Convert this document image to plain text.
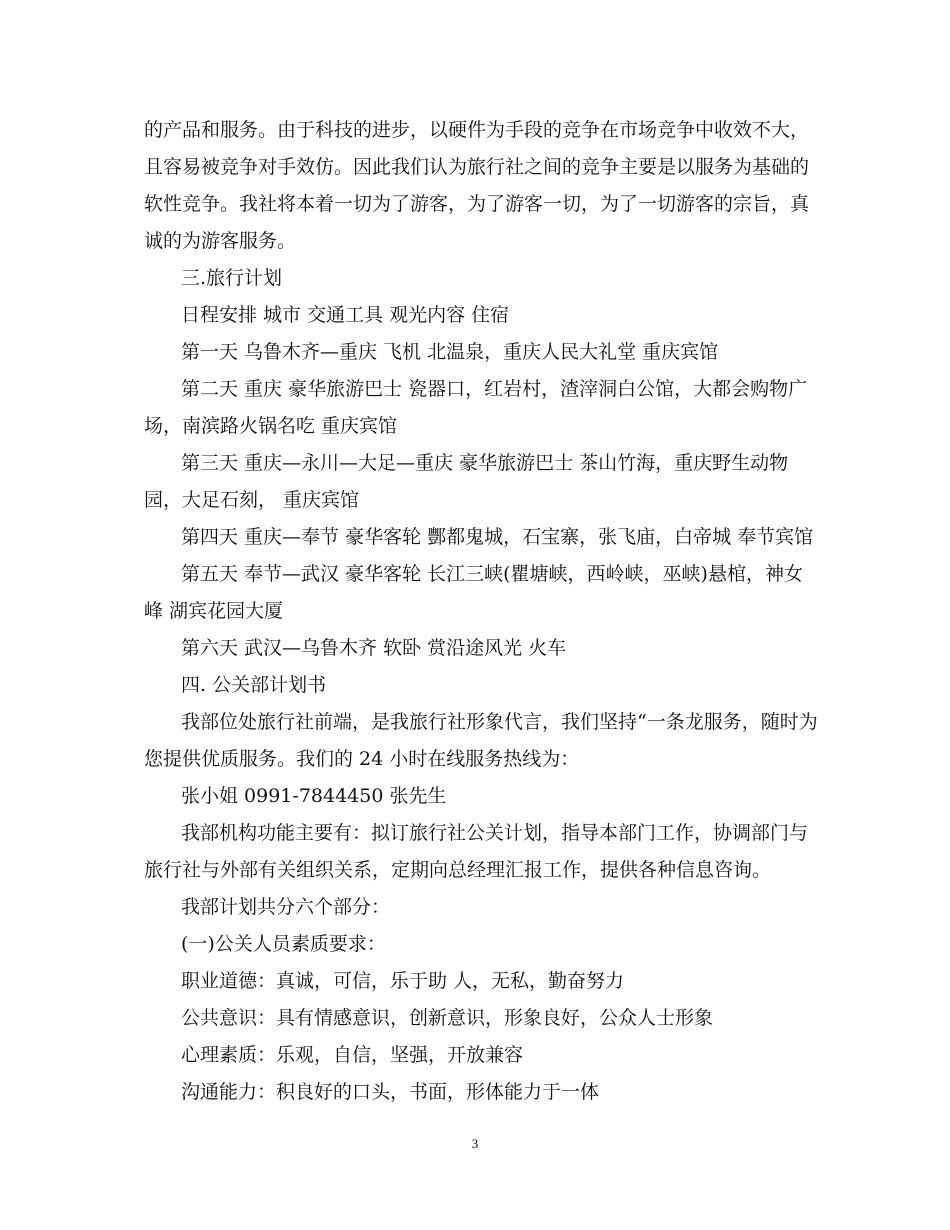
的产品和服务。由于科技的进步，以硬件为手段的竞争在市场竞争中收效不大，
且容易被竞争对手效仿。因此我们认为旅行社之间的竞争主要是以服务为基础的
软性竞争。我社将本着一切为了游客，为了游客一切，为了一切游客的宗旨，真
诚的为游客服务。
三.旅行计划
日程安排 城市 交通工具 观光内容 住宿
第一天 乌鲁木齐—重庆 飞机 北温泉，重庆人民大礼堂 重庆宾馆
第二天 重庆 豪华旅游巴士 瓷器口，红岩村，渣滓洞白公馆，大都会购物广
场，南滨路火锅名吃 重庆宾馆
第三天 重庆—永川—大足—重庆 豪华旅游巴士 茶山竹海，重庆野生动物
园，大足石刻， 重庆宾馆
第四天 重庆—奉节 豪华客轮 酆都鬼城，石宝寨，张飞庙，白帝城 奉节宾馆
第五天 奉节—武汉 豪华客轮 长江三峡(瞿塘峡，西岭峡，巫峡)悬棺，神女
峰 湖宾花园大厦
第六天 武汉—乌鲁木齐 软卧 赏沿途风光 火车
四. 公关部计划书
我部位处旅行社前端，是我旅行社形象代言，我们坚持“一条龙服务，随时为
您提供优质服务。我们的 24 小时在线服务热线为：
张小姐 0991-7844450 张先生
我部机构功能主要有：拟订旅行社公关计划，指导本部门工作，协调部门与
旅行社与外部有关组织关系，定期向总经理汇报工作，提供各种信息咨询。
我部计划共分六个部分：
(一)公关人员素质要求：
职业道德：真诚，可信，乐于助 人，无私，勤奋努力
公共意识：具有情感意识，创新意识，形象良好，公众人士形象
心理素质：乐观，自信，坚强，开放兼容
沟通能力：积良好的口头，书面，形体能力于一体
3
